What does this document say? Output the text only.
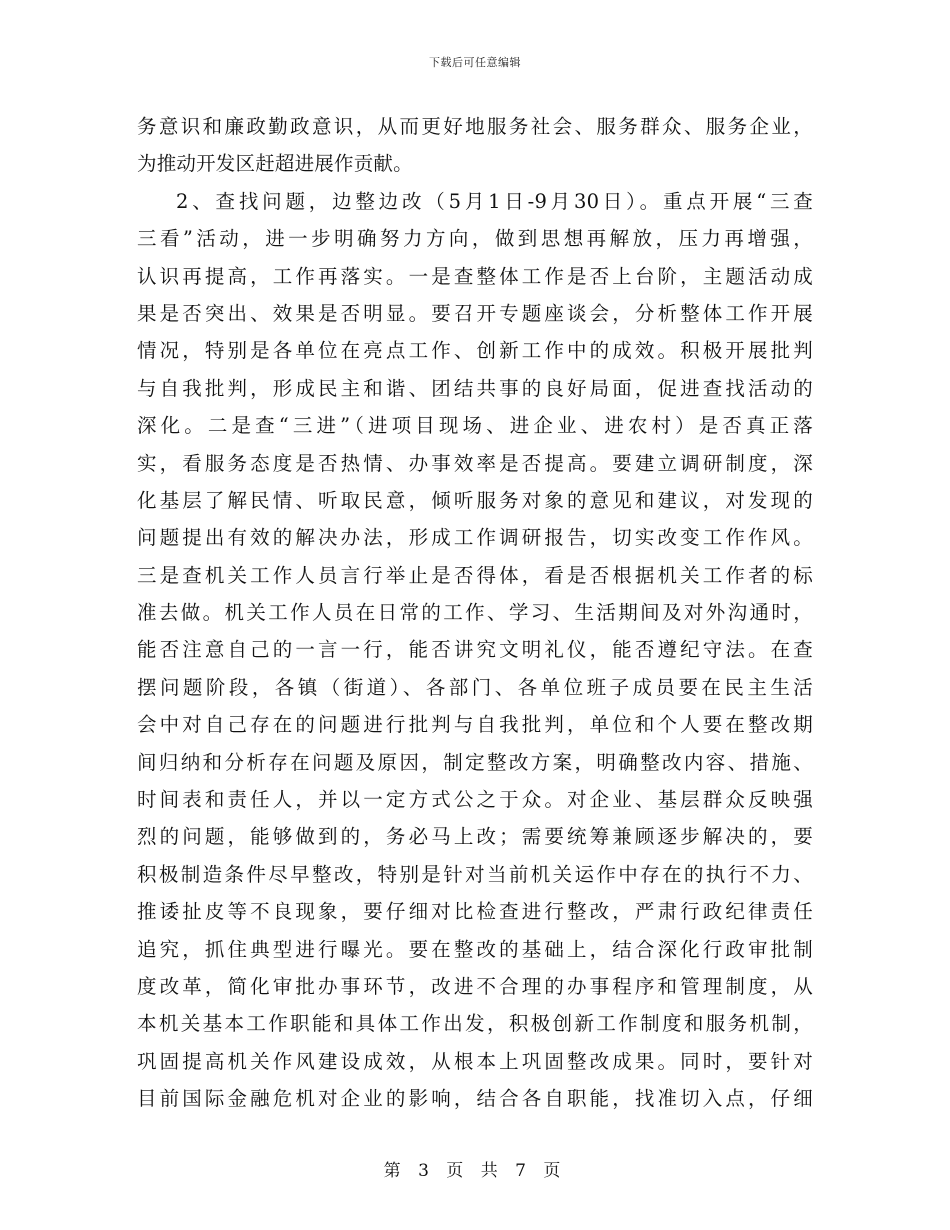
下载后可任意编辑
务意识和廉政勤政意识，从而更好地服务社会、服务群众、服务企业，
为推动开发区赶超进展作贡献。
2、查找问题，边整边改（5月1日-9月30日）。重点开展“三查
三看”活动，进一步明确努力方向，做到思想再解放，压力再增强，
认识再提高，工作再落实。一是查整体工作是否上台阶，主题活动成
果是否突出、效果是否明显。要召开专题座谈会，分析整体工作开展
情况，特别是各单位在亮点工作、创新工作中的成效。积极开展批判
与自我批判，形成民主和谐、团结共事的良好局面，促进查找活动的
深化。二是查“三进”（进项目现场、进企业、进农村）是否真正落
实，看服务态度是否热情、办事效率是否提高。要建立调研制度，深
化基层了解民情、听取民意，倾听服务对象的意见和建议，对发现的
问题提出有效的解决办法，形成工作调研报告，切实改变工作作风。
三是查机关工作人员言行举止是否得体，看是否根据机关工作者的标
准去做。机关工作人员在日常的工作、学习、生活期间及对外沟通时，
能否注意自己的一言一行，能否讲究文明礼仪，能否遵纪守法。在查
摆问题阶段，各镇（街道）、各部门、各单位班子成员要在民主生活
会中对自己存在的问题进行批判与自我批判，单位和个人要在整改期
间归纳和分析存在问题及原因，制定整改方案，明确整改内容、措施、
时间表和责任人，并以一定方式公之于众。对企业、基层群众反映强
烈的问题，能够做到的，务必马上改；需要统筹兼顾逐步解决的，要
积极制造条件尽早整改，特别是针对当前机关运作中存在的执行不力、
推诿扯皮等不良现象，要仔细对比检查进行整改，严肃行政纪律责任
追究，抓住典型进行曝光。要在整改的基础上，结合深化行政审批制
度改革，简化审批办事环节，改进不合理的办事程序和管理制度，从
本机关基本工作职能和具体工作出发，积极创新工作制度和服务机制，
巩固提高机关作风建设成效，从根本上巩固整改成果。同时，要针对
目前国际金融危机对企业的影响，结合各自职能，找准切入点，仔细
第 3 页 共 7 页
